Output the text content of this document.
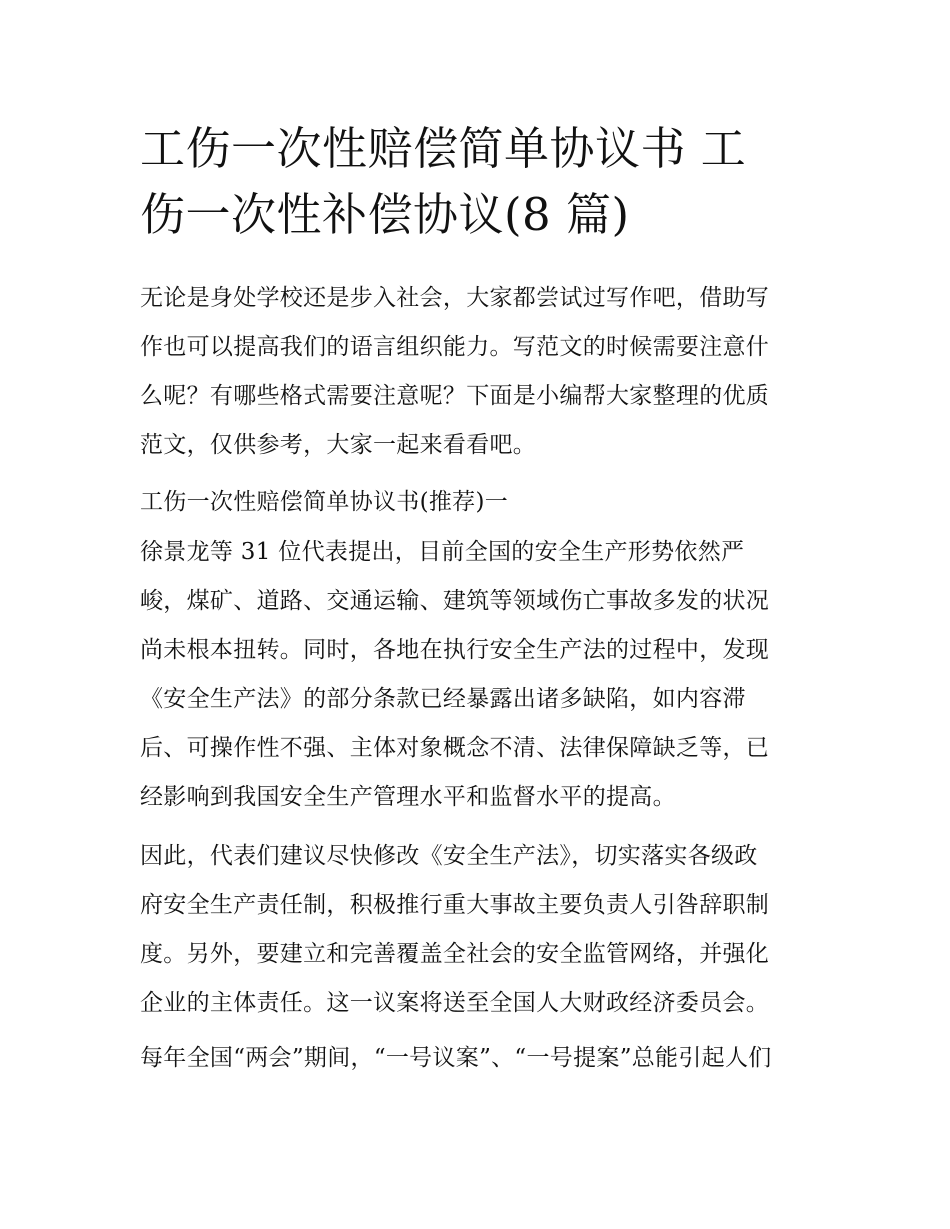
工伤一次性赔偿简单协议书 工
伤一次性补偿协议(8 篇)
无论是身处学校还是步入社会，大家都尝试过写作吧，借助写
作也可以提高我们的语言组织能力。写范文的时候需要注意什
么呢？有哪些格式需要注意呢？下面是小编帮大家整理的优质
范文，仅供参考，大家一起来看看吧。
工伤一次性赔偿简单协议书(推荐)一
徐景龙等 31 位代表提出，目前全国的安全生产形势依然严
峻，煤矿、道路、交通运输、建筑等领域伤亡事故多发的状况
尚未根本扭转。同时，各地在执行安全生产法的过程中，发现
《安全生产法》的部分条款已经暴露出诸多缺陷，如内容滞
后、可操作性不强、主体对象概念不清、法律保障缺乏等，已
经影响到我国安全生产管理水平和监督水平的提高。
因此，代表们建议尽快修改《安全生产法》，切实落实各级政
府安全生产责任制，积极推行重大事故主要负责人引咎辞职制
度。另外，要建立和完善覆盖全社会的安全监管网络，并强化
企业的主体责任。这一议案将送至全国人大财政经济委员会。
每年全国“两会”期间，“一号议案”、“一号提案”总能引起人们
